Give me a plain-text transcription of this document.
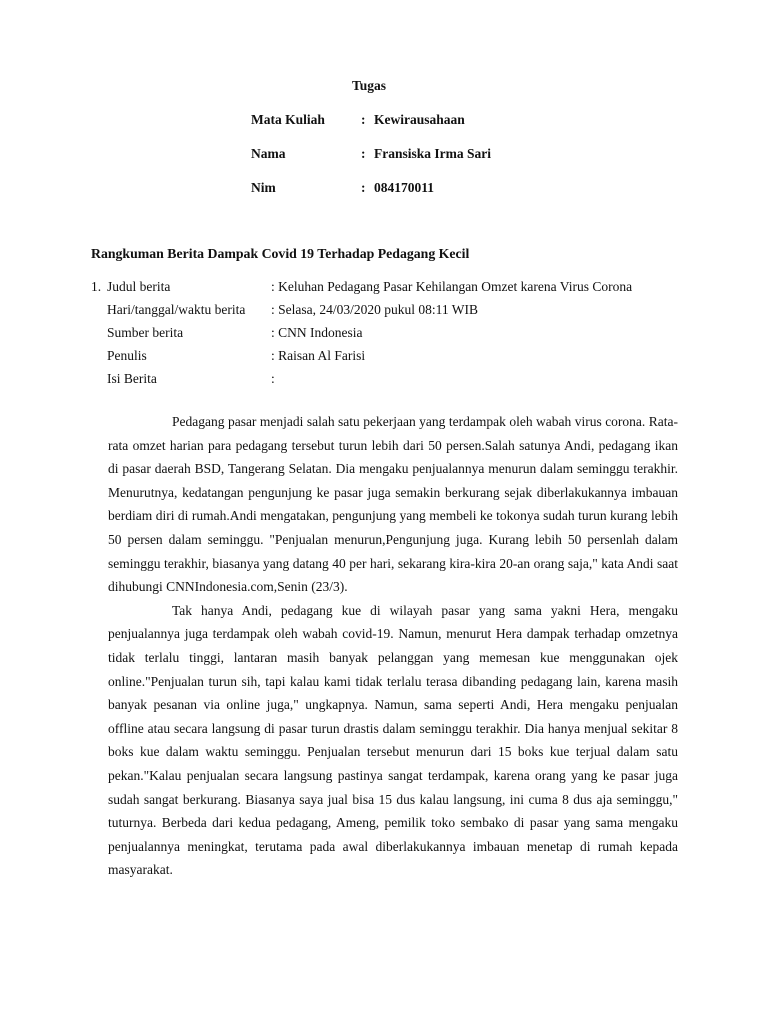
Tugas
Mata Kuliah	: Kewirausahaan
Nama	: Fransiska Irma Sari
Nim	: 084170011
Rangkuman Berita Dampak Covid 19 Terhadap Pedagang Kecil
1. Judul berita	: Keluhan Pedagang Pasar Kehilangan Omzet karena Virus Corona
Hari/tanggal/waktu berita : Selasa, 24/03/2020 pukul 08:11 WIB
Sumber berita	: CNN Indonesia
Penulis	: Raisan Al Farisi
Isi Berita	:

Pedagang pasar menjadi salah satu pekerjaan yang terdampak oleh wabah virus corona. Rata-rata omzet harian para pedagang tersebut turun lebih dari 50 persen.Salah satunya Andi, pedagang ikan di pasar daerah BSD, Tangerang Selatan. Dia mengaku penjualannya menurun dalam seminggu terakhir. Menurutnya, kedatangan pengunjung ke pasar juga semakin berkurang sejak diberlakukannya imbauan berdiam diri di rumah.Andi mengatakan, pengunjung yang membeli ke tokonya sudah turun kurang lebih 50 persen dalam seminggu. "Penjualan menurun,Pengunjung juga. Kurang lebih 50 persenlah dalam seminggu terakhir, biasanya yang datang 40 per hari, sekarang kira-kira 20-an orang saja," kata Andi saat dihubungi CNNIndonesia.com,Senin (23/3).

Tak hanya Andi, pedagang kue di wilayah pasar yang sama yakni Hera, mengaku penjualannya juga terdampak oleh wabah covid-19. Namun, menurut Hera dampak terhadap omzetnya tidak terlalu tinggi, lantaran masih banyak pelanggan yang memesan kue menggunakan ojek online."Penjualan turun sih, tapi kalau kami tidak terlalu terasa dibanding pedagang lain, karena masih banyak pesanan via online juga," ungkapnya. Namun, sama seperti Andi, Hera mengaku penjualan offline atau secara langsung di pasar turun drastis dalam seminggu terakhir. Dia hanya menjual sekitar 8 boks kue dalam waktu seminggu. Penjualan tersebut menurun dari 15 boks kue terjual dalam satu pekan."Kalau penjualan secara langsung pastinya sangat terdampak, karena orang yang ke pasar juga sudah sangat berkurang. Biasanya saya jual bisa 15 dus kalau langsung, ini cuma 8 dus aja seminggu," tuturnya. Berbeda dari kedua pedagang, Ameng, pemilik toko sembako di pasar yang sama mengaku penjualannya meningkat, terutama pada awal diberlakukannya imbauan menetap di rumah kepada masyarakat.
